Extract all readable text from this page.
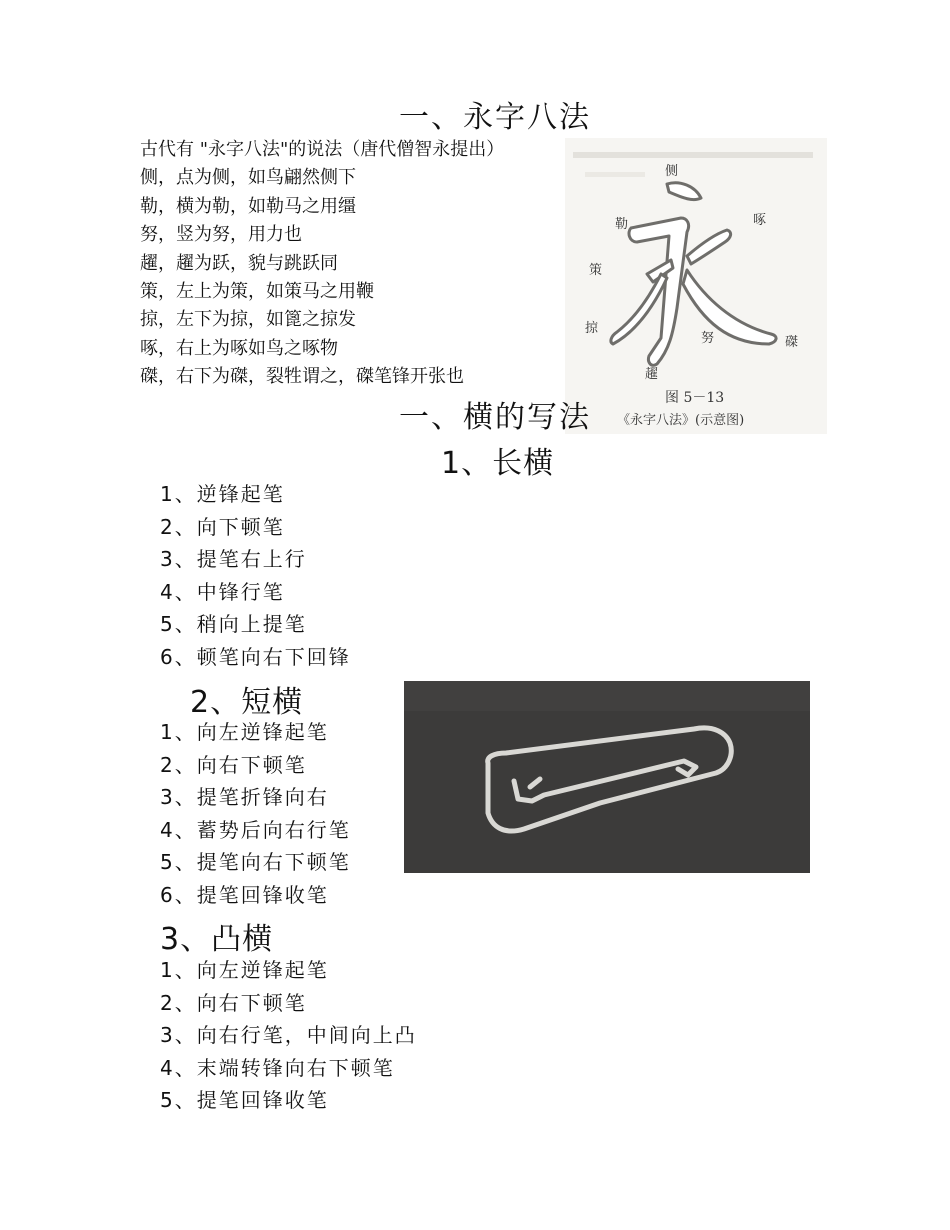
一、永字八法
侧
勒	啄
策
努
掠
趯
磔
图 5－13
《永字八法》(示意图)
古代有 "永字八法"的说法（唐代僧智永提出）
侧，点为侧，如鸟翩然侧下
勒，横为勒，如勒马之用缰
努，竖为努，用力也
趯，趯为跃，貌与跳跃同
策，左上为策，如策马之用鞭
掠，左下为掠，如篦之掠发
啄，右上为啄如鸟之啄物
磔，右下为磔，裂牲谓之，磔笔锋开张也
一、横的写法
1、长横
1、逆锋起笔
2、向下顿笔
3、提笔右上行
4、中锋行笔
5、稍向上提笔
6、顿笔向右下回锋
2、短横
1、向左逆锋起笔
2、向右下顿笔
3、提笔折锋向右
4、蓄势后向右行笔
5、提笔向右下顿笔
6、提笔回锋收笔
3、凸横
1、向左逆锋起笔
2、向右下顿笔
3、向右行笔，中间向上凸
4、末端转锋向右下顿笔
5、提笔回锋收笔
